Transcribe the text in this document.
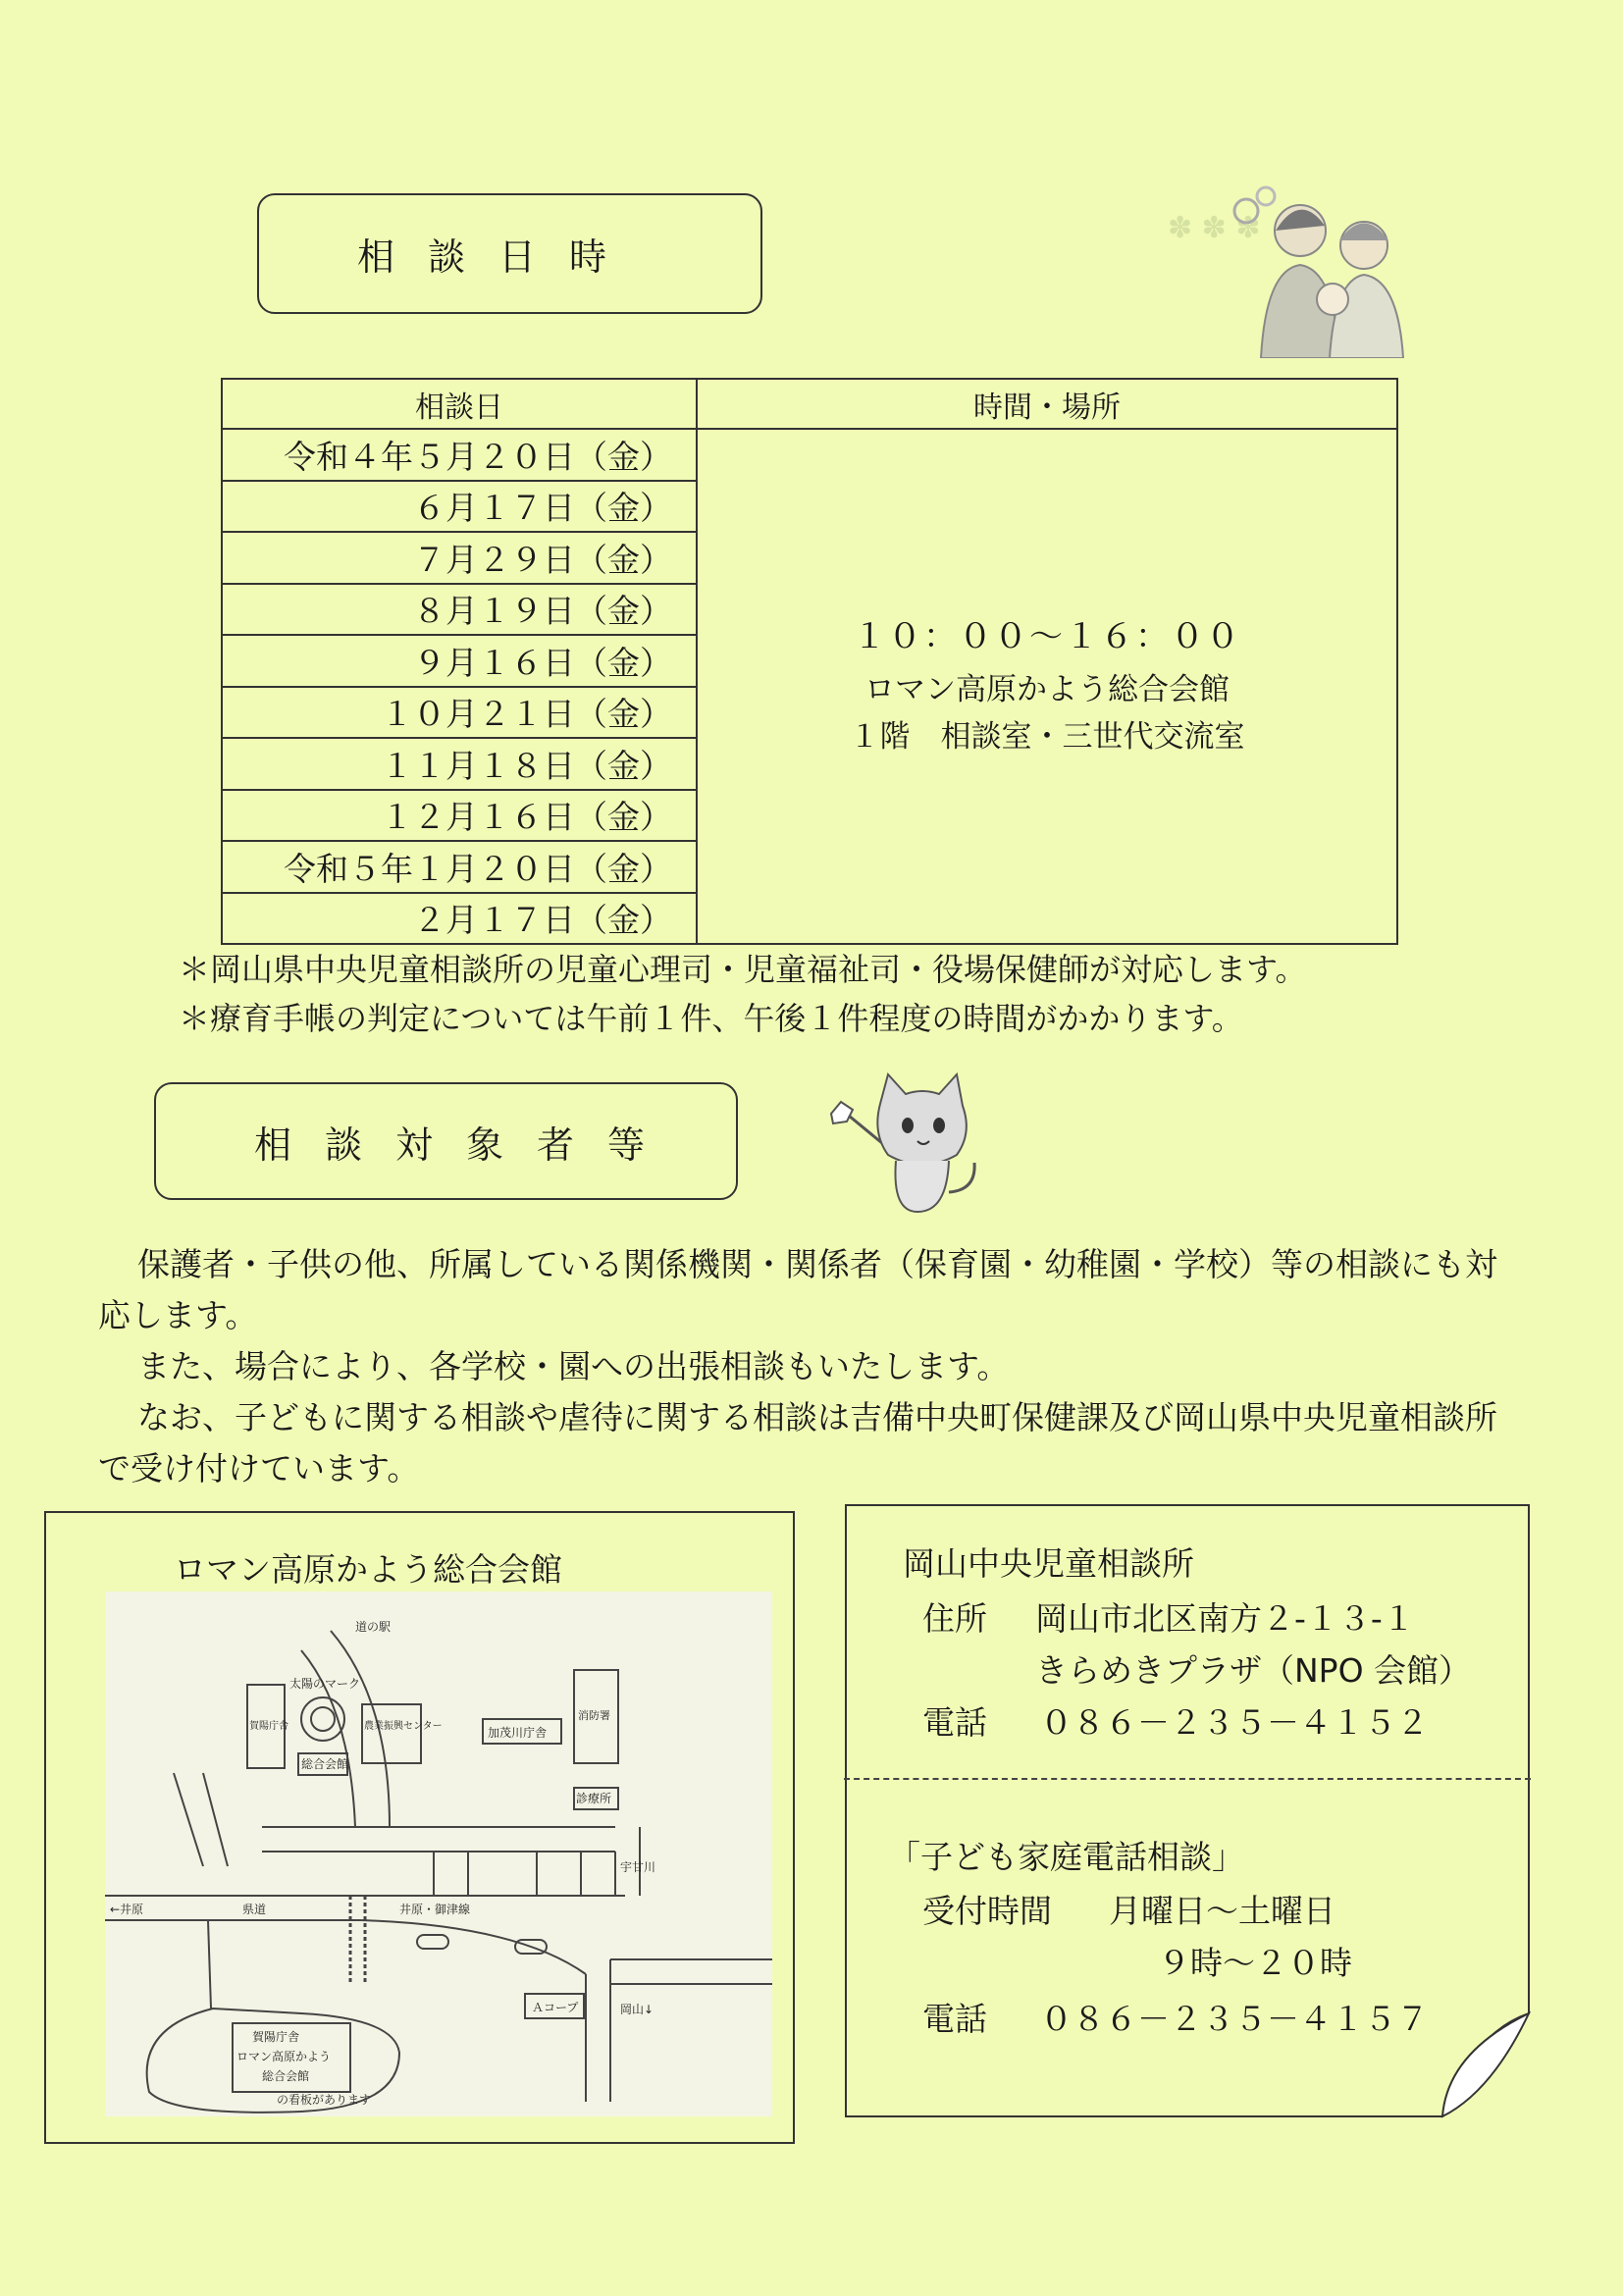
✽ ✽ ✽
相談日時
相談日	時間・場所
令和４年５月２０日（金）	１０：００～１６：００
ロマン高原かよう総合会館
１階　相談室・三世代交流室

６月１７日（金）	
７月２９日（金）	
８月１９日（金）	
９月１６日（金）	
１０月２１日（金）	
１１月１８日（金）	
１２月１６日（金）	
令和５年１月２０日（金）	
２月１７日（金）	
＊岡山県中央児童相談所の児童心理司・児童福祉司・役場保健師が対応します。
＊療育手帳の判定については午前１件、午後１件程度の時間がかかります。
相談対象者等

保護者・子供の他、所属している関係機関・関係者（保育園・幼稚園・学校）等の相談にも対応します。

また、場合により、各学校・園への出張相談もいたします。

なお、子どもに関する相談や虐待に関する相談は吉備中央町保健課及び岡山県中央児童相談所で受け付けています。

ロマン高原かよう総合会館
太陽のマーク
総合会館
賀陽庁舎	農業振興センター	加茂川庁舎
道の駅
消防署
診療所
宇甘川
←井原	県道	井原・御津線
Ａコープ	岡山↓
賀陽庁舎
ロマン高原かよう
総合会館
の看板があります
岡山中央児童相談所
住所 岡山市北区南方２-１３-１
きらめきプラザ（NPO 会館）
電話 ０８６－２３５－４１５２
「子ども家庭電話相談」
受付時間 月曜日～土曜日
９時～２０時
電話 ０８６－２３５－４１５７
